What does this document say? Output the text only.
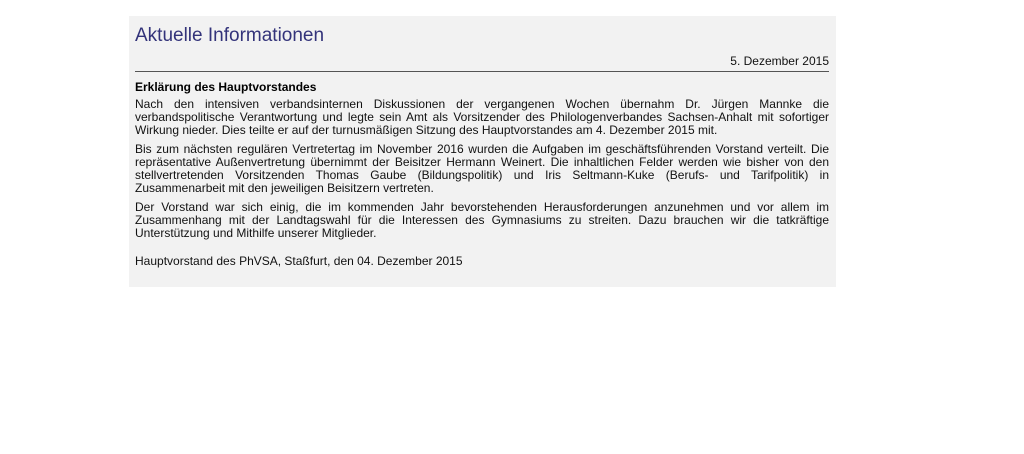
Aktuelle Informationen
5. Dezember 2015
Erklärung des Hauptvorstandes

Nach den intensiven verbandsinternen Diskussionen der vergangenen Wochen übernahm Dr. Jürgen Mannke die verbandspolitische Verantwortung und legte sein Amt als Vorsitzender des Philologenverbandes Sachsen-Anhalt mit sofortiger Wirkung nieder. Dies teilte er auf der turnusmäßigen Sitzung des Hauptvorstandes am 4. Dezember 2015 mit.

Bis zum nächsten regulären Vertretertag im November 2016 wurden die Aufgaben im geschäftsführenden Vorstand verteilt. Die repräsentative Außenvertretung übernimmt der Beisitzer Hermann Weinert. Die inhaltlichen Felder werden wie bisher von den stellvertretenden Vorsitzenden Thomas Gaube (Bildungspolitik) und Iris Seltmann-Kuke (Berufs- und Tarifpolitik) in Zusammenarbeit mit den jeweiligen Beisitzern vertreten.

Der Vorstand war sich einig, die im kommenden Jahr bevorstehenden Herausforderungen anzunehmen und vor allem im Zusammenhang mit der Landtagswahl für die Interessen des Gymnasiums zu streiten. Dazu brauchen wir die tatkräftige Unterstützung und Mithilfe unserer Mitglieder.

Hauptvorstand des PhVSA, Staßfurt, den 04. Dezember 2015
